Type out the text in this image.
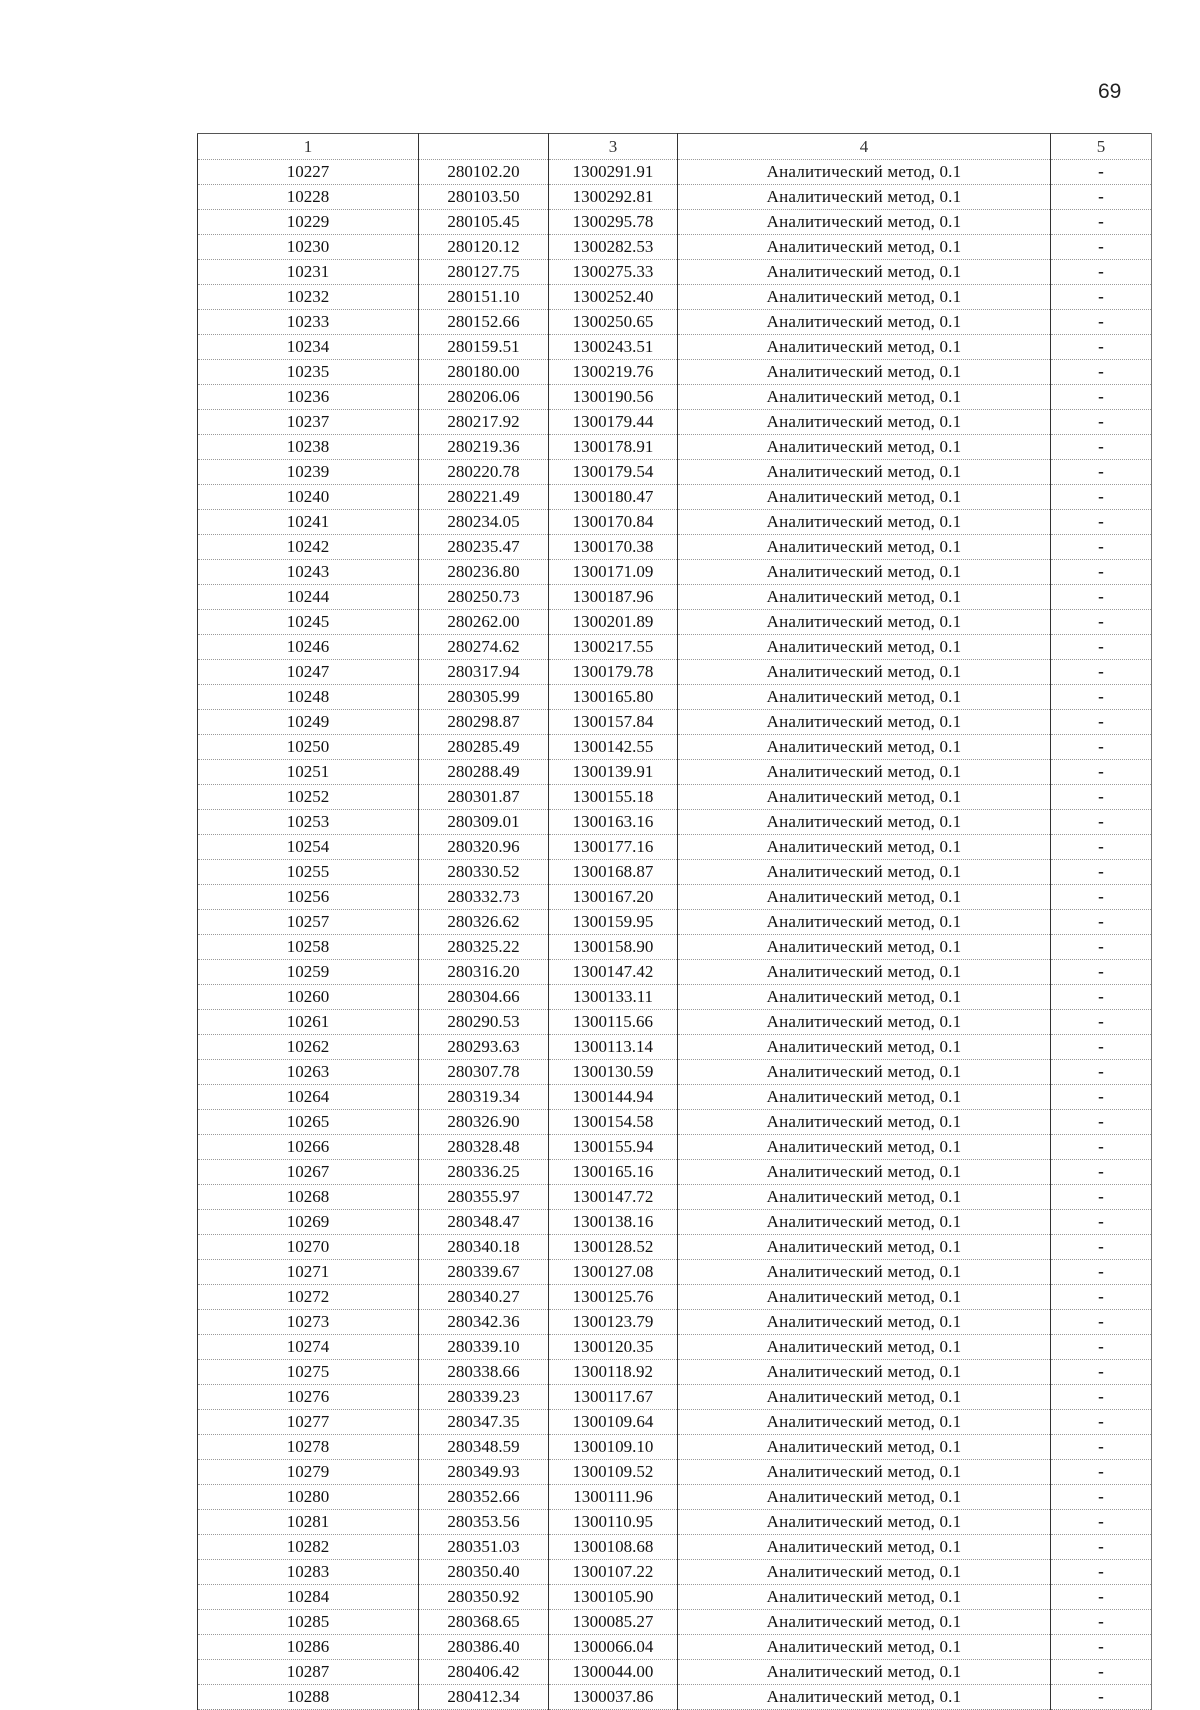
69
1		3	4	5
10227	280102.20	1300291.91	Аналитический метод, 0.1	-
10228	280103.50	1300292.81	Аналитический метод, 0.1	-
10229	280105.45	1300295.78	Аналитический метод, 0.1	-
10230	280120.12	1300282.53	Аналитический метод, 0.1	-
10231	280127.75	1300275.33	Аналитический метод, 0.1	-
10232	280151.10	1300252.40	Аналитический метод, 0.1	-
10233	280152.66	1300250.65	Аналитический метод, 0.1	-
10234	280159.51	1300243.51	Аналитический метод, 0.1	-
10235	280180.00	1300219.76	Аналитический метод, 0.1	-
10236	280206.06	1300190.56	Аналитический метод, 0.1	-
10237	280217.92	1300179.44	Аналитический метод, 0.1	-
10238	280219.36	1300178.91	Аналитический метод, 0.1	-
10239	280220.78	1300179.54	Аналитический метод, 0.1	-
10240	280221.49	1300180.47	Аналитический метод, 0.1	-
10241	280234.05	1300170.84	Аналитический метод, 0.1	-
10242	280235.47	1300170.38	Аналитический метод, 0.1	-
10243	280236.80	1300171.09	Аналитический метод, 0.1	-
10244	280250.73	1300187.96	Аналитический метод, 0.1	-
10245	280262.00	1300201.89	Аналитический метод, 0.1	-
10246	280274.62	1300217.55	Аналитический метод, 0.1	-
10247	280317.94	1300179.78	Аналитический метод, 0.1	-
10248	280305.99	1300165.80	Аналитический метод, 0.1	-
10249	280298.87	1300157.84	Аналитический метод, 0.1	-
10250	280285.49	1300142.55	Аналитический метод, 0.1	-
10251	280288.49	1300139.91	Аналитический метод, 0.1	-
10252	280301.87	1300155.18	Аналитический метод, 0.1	-
10253	280309.01	1300163.16	Аналитический метод, 0.1	-
10254	280320.96	1300177.16	Аналитический метод, 0.1	-
10255	280330.52	1300168.87	Аналитический метод, 0.1	-
10256	280332.73	1300167.20	Аналитический метод, 0.1	-
10257	280326.62	1300159.95	Аналитический метод, 0.1	-
10258	280325.22	1300158.90	Аналитический метод, 0.1	-
10259	280316.20	1300147.42	Аналитический метод, 0.1	-
10260	280304.66	1300133.11	Аналитический метод, 0.1	-
10261	280290.53	1300115.66	Аналитический метод, 0.1	-
10262	280293.63	1300113.14	Аналитический метод, 0.1	-
10263	280307.78	1300130.59	Аналитический метод, 0.1	-
10264	280319.34	1300144.94	Аналитический метод, 0.1	-
10265	280326.90	1300154.58	Аналитический метод, 0.1	-
10266	280328.48	1300155.94	Аналитический метод, 0.1	-
10267	280336.25	1300165.16	Аналитический метод, 0.1	-
10268	280355.97	1300147.72	Аналитический метод, 0.1	-
10269	280348.47	1300138.16	Аналитический метод, 0.1	-
10270	280340.18	1300128.52	Аналитический метод, 0.1	-
10271	280339.67	1300127.08	Аналитический метод, 0.1	-
10272	280340.27	1300125.76	Аналитический метод, 0.1	-
10273	280342.36	1300123.79	Аналитический метод, 0.1	-
10274	280339.10	1300120.35	Аналитический метод, 0.1	-
10275	280338.66	1300118.92	Аналитический метод, 0.1	-
10276	280339.23	1300117.67	Аналитический метод, 0.1	-
10277	280347.35	1300109.64	Аналитический метод, 0.1	-
10278	280348.59	1300109.10	Аналитический метод, 0.1	-
10279	280349.93	1300109.52	Аналитический метод, 0.1	-
10280	280352.66	1300111.96	Аналитический метод, 0.1	-
10281	280353.56	1300110.95	Аналитический метод, 0.1	-
10282	280351.03	1300108.68	Аналитический метод, 0.1	-
10283	280350.40	1300107.22	Аналитический метод, 0.1	-
10284	280350.92	1300105.90	Аналитический метод, 0.1	-
10285	280368.65	1300085.27	Аналитический метод, 0.1	-
10286	280386.40	1300066.04	Аналитический метод, 0.1	-
10287	280406.42	1300044.00	Аналитический метод, 0.1	-
10288	280412.34	1300037.86	Аналитический метод, 0.1	-
